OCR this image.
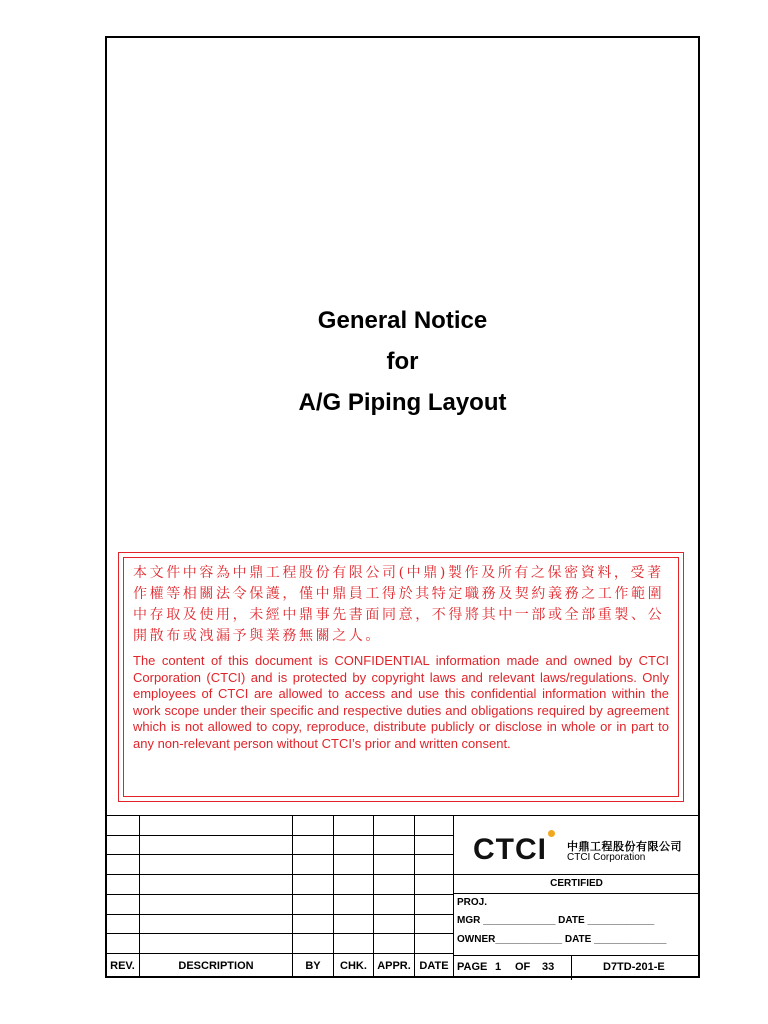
General Notice
for
A/G Piping Layout
本文件中容為中鼎工程股份有限公司(中鼎)製作及所有之保密資料，受著
作權等相關法令保護，僅中鼎員工得於其特定職務及契約義務之工作範圍
中存取及使用，未經中鼎事先書面同意，不得將其中一部或全部重製、公
開散布或洩漏予與業務無關之人。
The content of this document is CONFIDENTIAL information made and owned by CTCI Corporation (CTCI) and is protected by copyright laws and relevant laws/regulations. Only employees of CTCI are allowed to access and use this confidential information within the work scope under their specific and respective duties and obligations required by agreement which is not allowed to copy, reproduce, distribute publicly or disclose in whole or in part to any non-relevant person without CTCI’s prior and written consent.

REV.	DESCRIPTION	BY	CHK.	APPR.	DATE
CTCI 中鼎工程股份有限公司
CTCI Corporation
CERTIFIED
PROJ.
MGR _____________ DATE ____________
OWNER____________ DATE _____________
PAGE 1 OF 33	D7TD-201-E
